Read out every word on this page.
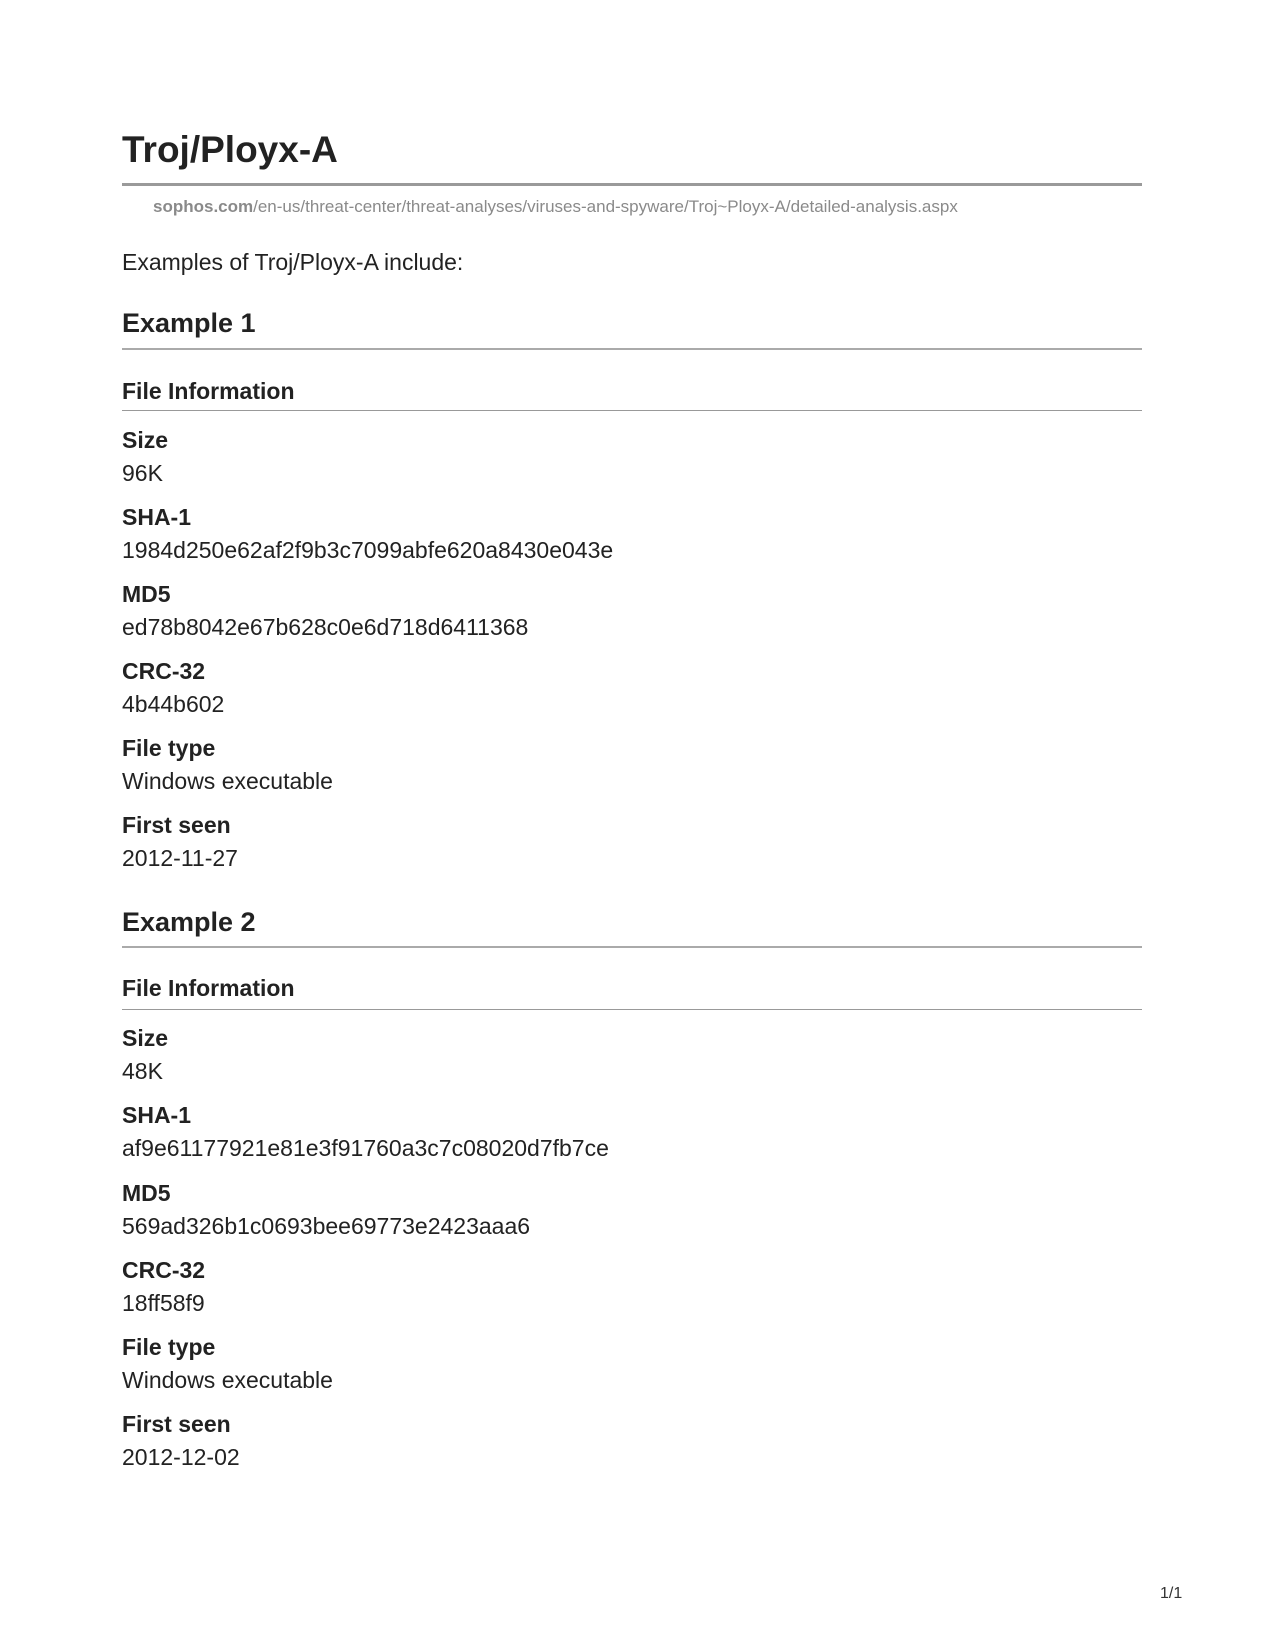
Troj/Ployx-A
sophos.com/en-us/threat-center/threat-analyses/viruses-and-spyware/Troj~Ployx-A/detailed-analysis.aspx
Examples of Troj/Ployx-A include:
Example 1
File Information
Size
96K
SHA-1
1984d250e62af2f9b3c7099abfe620a8430e043e
MD5
ed78b8042e67b628c0e6d718d6411368
CRC-32
4b44b602
File type
Windows executable
First seen
2012-11-27
Example 2
File Information
Size
48K
SHA-1
af9e61177921e81e3f91760a3c7c08020d7fb7ce
MD5
569ad326b1c0693bee69773e2423aaa6
CRC-32
18ff58f9
File type
Windows executable
First seen
2012-12-02
1/1
